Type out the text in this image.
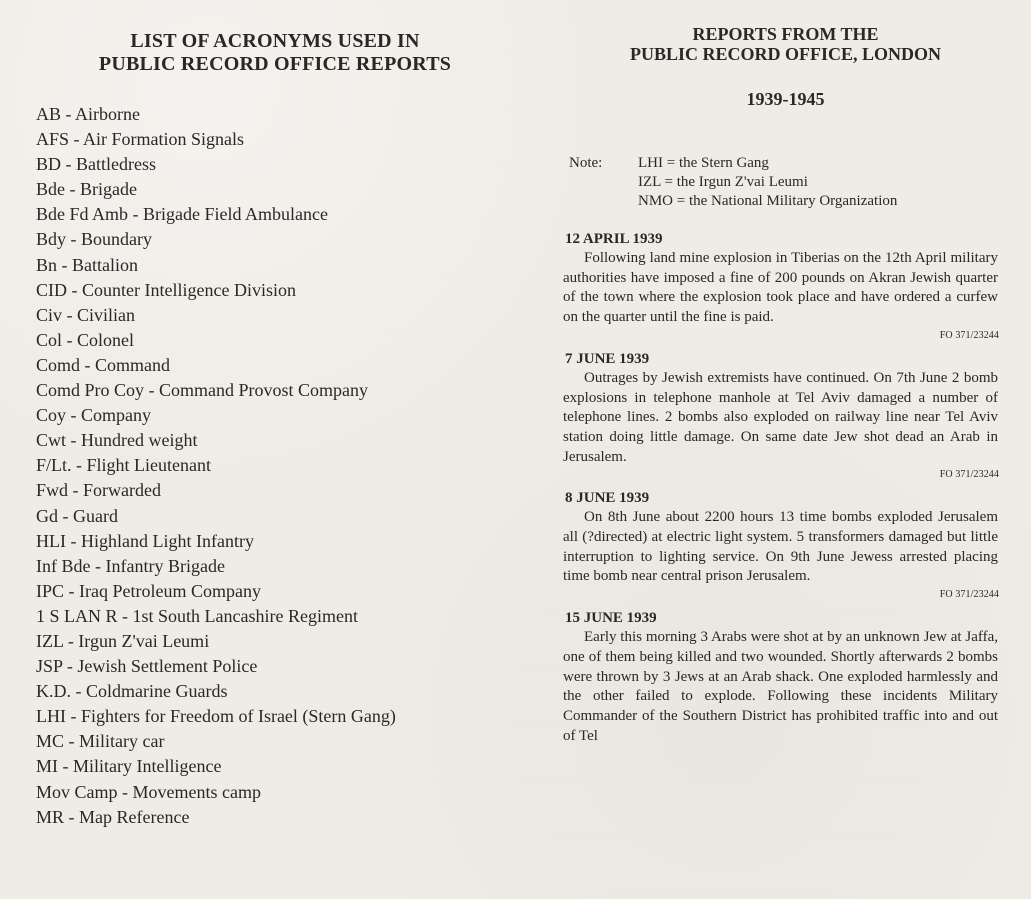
LIST OF ACRONYMS USED IN
PUBLIC RECORD OFFICE REPORTS
AB - Airborne
AFS - Air Formation Signals
BD - Battledress
Bde - Brigade
Bde Fd Amb - Brigade Field Ambulance
Bdy - Boundary
Bn - Battalion
CID - Counter Intelligence Division
Civ - Civilian
Col - Colonel
Comd - Command
Comd Pro Coy - Command Provost Company
Coy - Company
Cwt - Hundred weight
F/Lt. - Flight Lieutenant
Fwd - Forwarded
Gd - Guard
HLI - Highland Light Infantry
Inf Bde - Infantry Brigade
IPC - Iraq Petroleum Company
1 S LAN R - 1st South Lancashire Regiment
IZL - Irgun Z'vai Leumi
JSP - Jewish Settlement Police
K.D. - Coldmarine Guards
LHI - Fighters for Freedom of Israel (Stern Gang)
MC - Military car
MI - Military Intelligence
Mov Camp - Movements camp
MR - Map Reference
REPORTS FROM THE
PUBLIC RECORD OFFICE, LONDON
1939-1945
Note: LHI = the Stern Gang
IZL = the Irgun Z'vai Leumi
NMO = the National Military Organization
12 APRIL 1939

Following land mine explosion in Tiberias on the 12th April military authorities have imposed a fine of 200 pounds on Akran Jewish quarter of the town where the explosion took place and have ordered a curfew on the quarter until the fine is paid.

FO 371/23244
7 JUNE 1939

Outrages by Jewish extremists have continued. On 7th June 2 bomb explosions in telephone manhole at Tel Aviv damaged a number of telephone lines. 2 bombs also exploded on railway line near Tel Aviv station doing little damage. On same date Jew shot dead an Arab in Jerusalem.

FO 371/23244
8 JUNE 1939

On 8th June about 2200 hours 13 time bombs exploded Jerusalem all (?directed) at electric light system. 5 transformers damaged but little interruption to lighting service. On 9th June Jewess arrested placing time bomb near central prison Jerusalem.

FO 371/23244
15 JUNE 1939

Early this morning 3 Arabs were shot at by an unknown Jew at Jaffa, one of them being killed and two wounded. Shortly afterwards 2 bombs were thrown by 3 Jews at an Arab shack. One exploded harmlessly and the other failed to explode. Following these incidents Military Commander of the Southern District has prohibited traffic into and out of Tel
